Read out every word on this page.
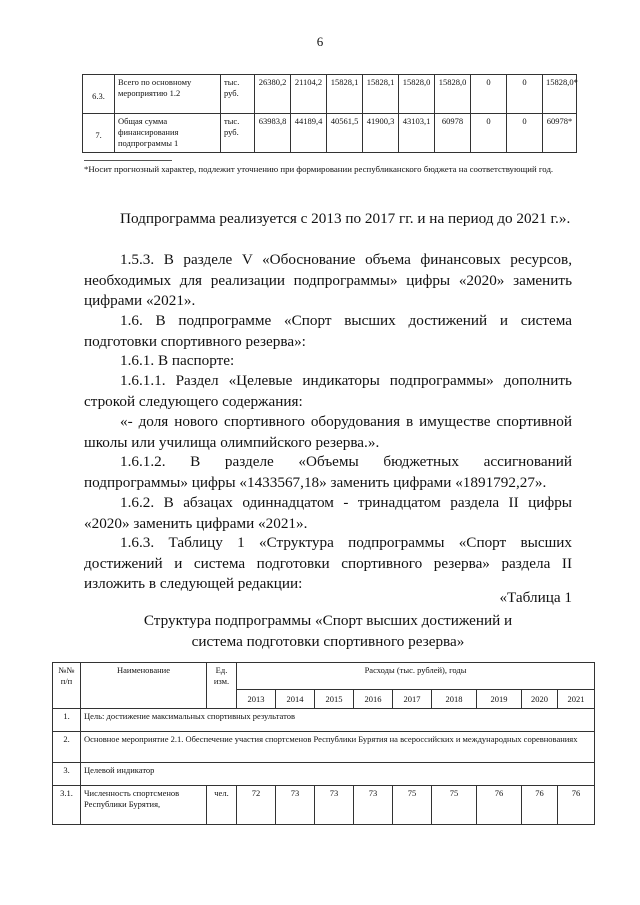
6
6.3.	Всего по основному мероприятию 1.2	тыс. руб.	26380,2	21104,2	15828,1	15828,1	15828,0	15828,0	0	0	15828,0*
7.	Общая сумма финансирования подпрограммы 1	тыс. руб.	63983,8	44189,4	40561,5	41900,3	43103,1	60978	0	0	60978*
*Носит прогнозный характер, подлежит уточнению при формировании республиканского бюджета на соответствующий год.

Подпрограмма реализуется с 2013 по 2017 гг. и на период до 2021 г.».

1.5.3. В разделе V «Обоснование объема финансовых ресурсов, необходимых для реализации подпрограммы» цифры «2020» заменить цифрами «2021».

1.6. В подпрограмме «Спорт высших достижений и система подготовки спортивного резерва»:

1.6.1. В паспорте:

1.6.1.1. Раздел «Целевые индикаторы подпрограммы» дополнить строкой следующего содержания:

«- доля нового спортивного оборудования в имуществе спортивной школы или училища олимпийского резерва.».

1.6.1.2. В разделе «Объемы бюджетных ассигнований подпрограммы» цифры «1433567,18» заменить цифрами «1891792,27».

1.6.2. В абзацах одиннадцатом - тринадцатом раздела II цифры «2020» заменить цифрами «2021».

1.6.3. Таблицу 1 «Структура подпрограммы «Спорт высших достижений и система подготовки спортивного резерва» раздела II изложить в следующей редакции:

«Таблица 1
Структура подпрограммы «Спорт высших достижений и
система подготовки спортивного резерва»
№№ п/п	Наименование	Ед. изм.	Расходы (тыс. рублей), годы								
			2013	2014	2015	2016	2017	2018	2019	2020	2021
1.	Цель: достижение максимальных спортивных результатов										
2.	Основное мероприятие 2.1. Обеспечение участия спортсменов Республики Бурятия на всероссийских и международных соревнованиях										
3.	Целевой индикатор										
3.1.	Численность спортсменов Республики Бурятия,	чел.	72	73	73	73	75	75	76	76	76
